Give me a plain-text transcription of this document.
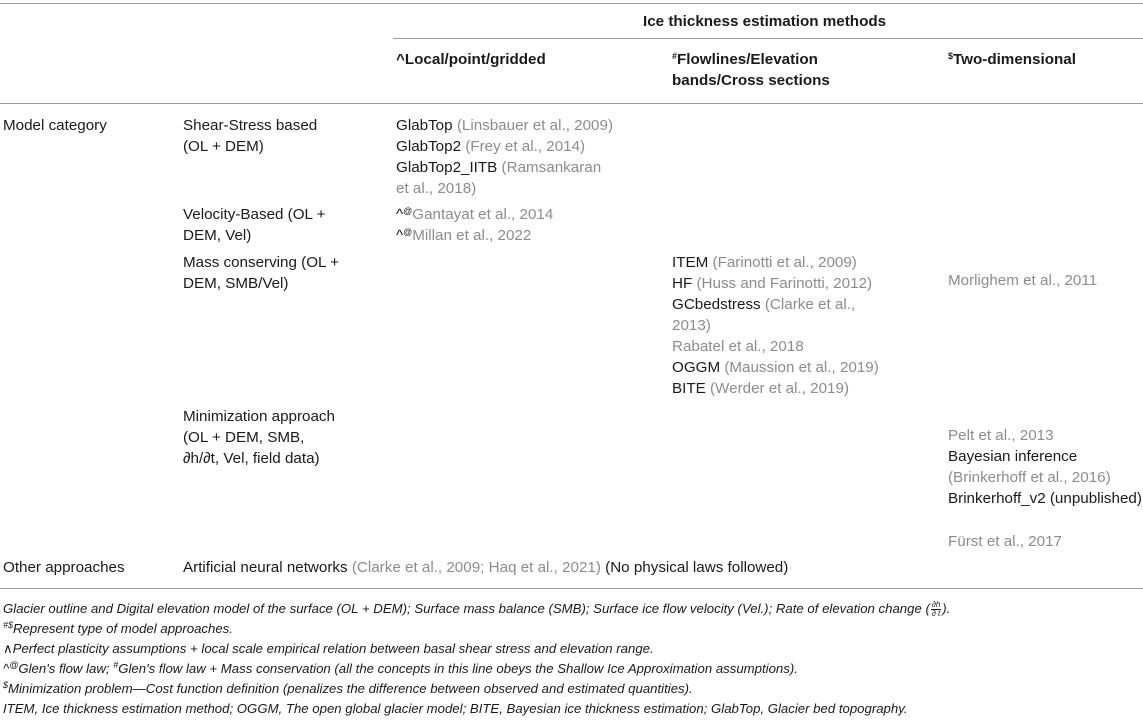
Ice thickness estimation methods
^Local/point/gridded	#Flowlines/Elevation
bands/Cross sections
$Two-dimensional
Model category
Other approaches
Shear-Stress based
(OL + DEM)
GlabTop (Linsbauer et al., 2009)
GlabTop2 (Frey et al., 2014)
GlabTop2_IITB (Ramsankaran
et al., 2018)
Velocity-Based (OL +
DEM, Vel)
^@Gantayat et al., 2014
^@Millan et al., 2022
Mass conserving (OL +
DEM, SMB/Vel)
ITEM (Farinotti et al., 2009)
HF (Huss and Farinotti, 2012)
GCbedstress (Clarke et al.,
2013)
Rabatel et al., 2018
OGGM (Maussion et al., 2019)
BITE (Werder et al., 2019)
Morlighem et al., 2011
Minimization approach
(OL + DEM, SMB,
∂h/∂t, Vel, field data)
Pelt et al., 2013
Bayesian inference
(Brinkerhoff et al., 2016)
Brinkerhoff_v2 (unpublished)
Fürst et al., 2017
Artificial neural networks (Clarke et al., 2009; Haq et al., 2021) (No physical laws followed)
Glacier outline and Digital elevation model of the surface (OL + DEM); Surface mass balance (SMB); Surface ice flow velocity (Vel.); Rate of elevation change ( $\frac{\partial h}{\partial t}$ ).
#$Represent type of model approaches.
∧Perfect plasticity assumptions + local scale empirical relation between basal shear stress and elevation range.
^@Glen's flow law; #Glen's flow law + Mass conservation (all the concepts in this line obeys the Shallow Ice Approximation assumptions).
$Minimization problem—Cost function definition (penalizes the difference between observed and estimated quantities).
ITEM, Ice thickness estimation method; OGGM, The open global glacier model; BITE, Bayesian ice thickness estimation; GlabTop, Glacier bed topography.
